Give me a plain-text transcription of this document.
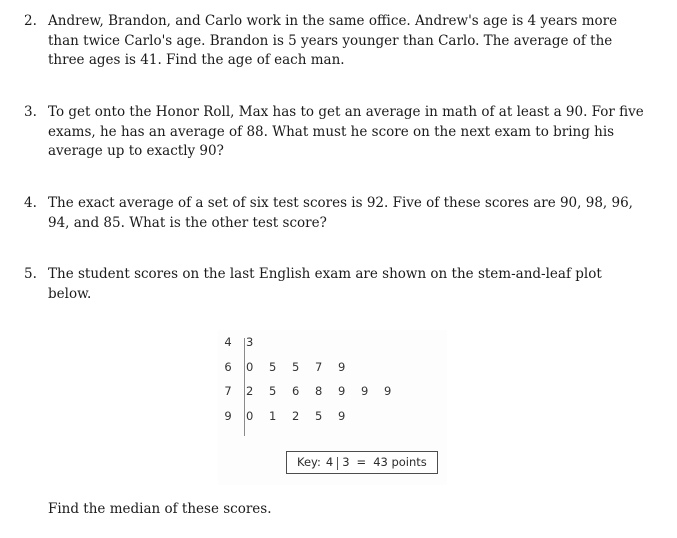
2. Andrew, Brandon, and Carlo work in the same office. Andrew's age is 4 years more than twice Carlo's age. Brandon is 5 years younger than Carlo. The average of the three ages is 41. Find the age of each man.
3. To get onto the Honor Roll, Max has to get an average in math of at least a 90. For five exams, he has an average of 88. What must he score on the next exam to bring his average up to exactly 90?
4. The exact average of a set of six test scores is 92. Five of these scores are 90, 98, 96, 94, and 85. What is the other test score?
5. The student scores on the last English exam are shown on the stem-and-leaf plot below.
4	3
6	0	5	5	7	9
7	2	5	6	8	9	9	9
9	0	1	2	5	9
Key: 4 3 = 43 points
Find the median of these scores.
